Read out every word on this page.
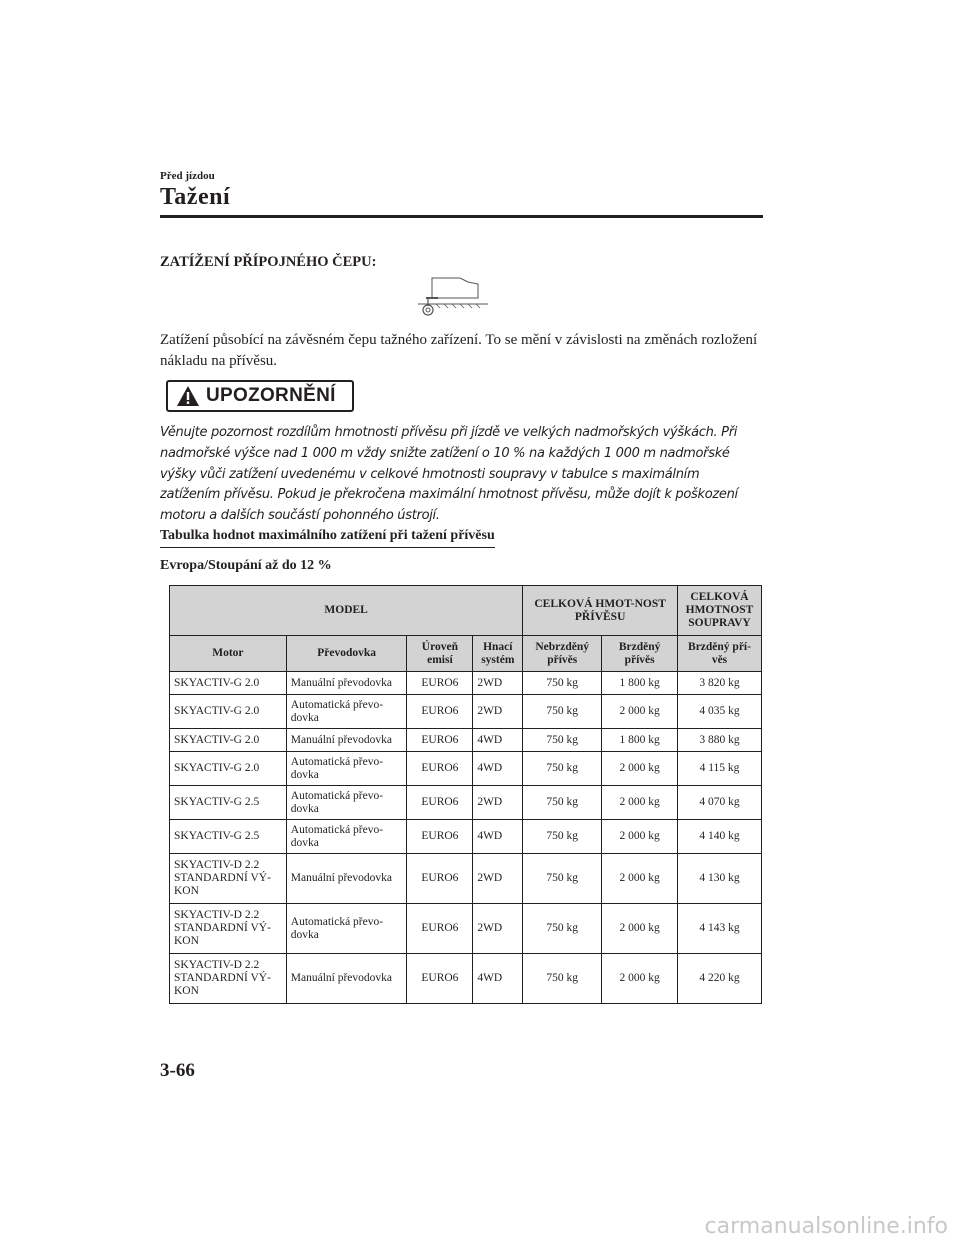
Před jízdou
Tažení
ZATÍŽENÍ PŘÍPOJNÉHO ČEPU:

Zatížení působící na závěsném čepu tažného zařízení. To se mění v závislosti na změnách rozložení nákladu na přívěsu.

UPOZORNĚNÍ

Věnujte pozornost rozdílům hmotnosti přívěsu při jízdě ve velkých nadmořských výškách. Při nadmořské výšce nad 1 000 m vždy snižte zatížení o 10 % na každých 1 000 m nadmořské výšky vůči zatížení uvedenému v celkové hmotnosti soupravy v tabulce s maximálním zatížením přívěsu. Pokud je překročena maximální hmotnost přívěsu, může dojít k poškození motoru a dalších součástí pohonného ústrojí.

Tabulka hodnot maximálního zatížení při tažení přívěsu
Evropa/Stoupání až do 12 %
MODEL				CELKOVÁ HMOT-NOST PŘÍVĚSU		CELKOVÁ HMOTNOST SOUPRAVY
Motor	Převodovka	Úroveň emisí	Hnací systém	Nebrzděný přívěs	Brzděný přívěs	Brzděný pří-věs
SKYACTIV-G 2.0	Manuální převodovka	EURO6	2WD	750 kg	1 800 kg	3 820 kg
SKYACTIV-G 2.0	Automatická převo-dovka	EURO6	2WD	750 kg	2 000 kg	4 035 kg
SKYACTIV-G 2.0	Manuální převodovka	EURO6	4WD	750 kg	1 800 kg	3 880 kg
SKYACTIV-G 2.0	Automatická převo-dovka	EURO6	4WD	750 kg	2 000 kg	4 115 kg
SKYACTIV-G 2.5	Automatická převo-dovka	EURO6	2WD	750 kg	2 000 kg	4 070 kg
SKYACTIV-G 2.5	Automatická převo-dovka	EURO6	4WD	750 kg	2 000 kg	4 140 kg
SKYACTIV-D 2.2 STANDARDNÍ VÝ-KON	Manuální převodovka	EURO6	2WD	750 kg	2 000 kg	4 130 kg
SKYACTIV-D 2.2 STANDARDNÍ VÝ-KON	Automatická převo-dovka	EURO6	2WD	750 kg	2 000 kg	4 143 kg
SKYACTIV-D 2.2 STANDARDNÍ VÝ-KON	Manuální převodovka	EURO6	4WD	750 kg	2 000 kg	4 220 kg
3-66
carmanualsonline.info
